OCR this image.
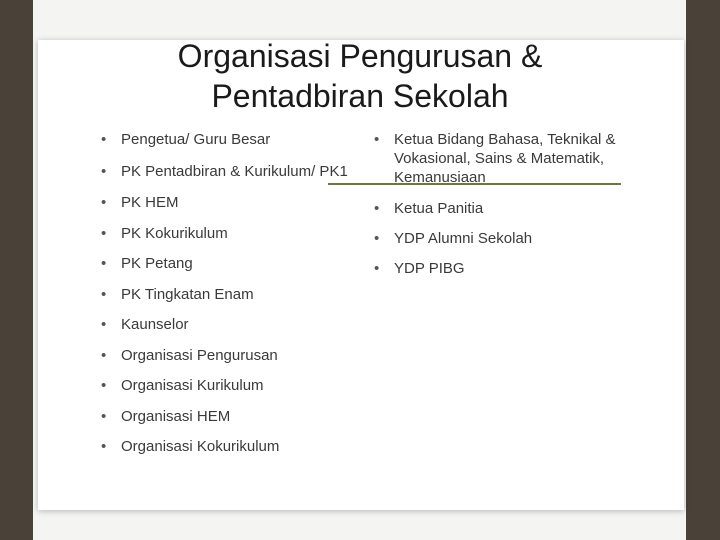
Organisasi Pengurusan &
Pentadbiran Sekolah
• Pengetua/ Guru Besar
• PK Pentadbiran & Kurikulum/ PK1
• PK HEM
• PK Kokurikulum
• PK Petang
• PK Tingkatan Enam
• Kaunselor
• Organisasi Pengurusan
• Organisasi Kurikulum
• Organisasi HEM
• Organisasi Kokurikulum
• Ketua Bidang Bahasa, Teknikal & Vokasional, Sains & Matematik, Kemanusiaan
• Ketua Panitia
• YDP Alumni Sekolah
• YDP PIBG
